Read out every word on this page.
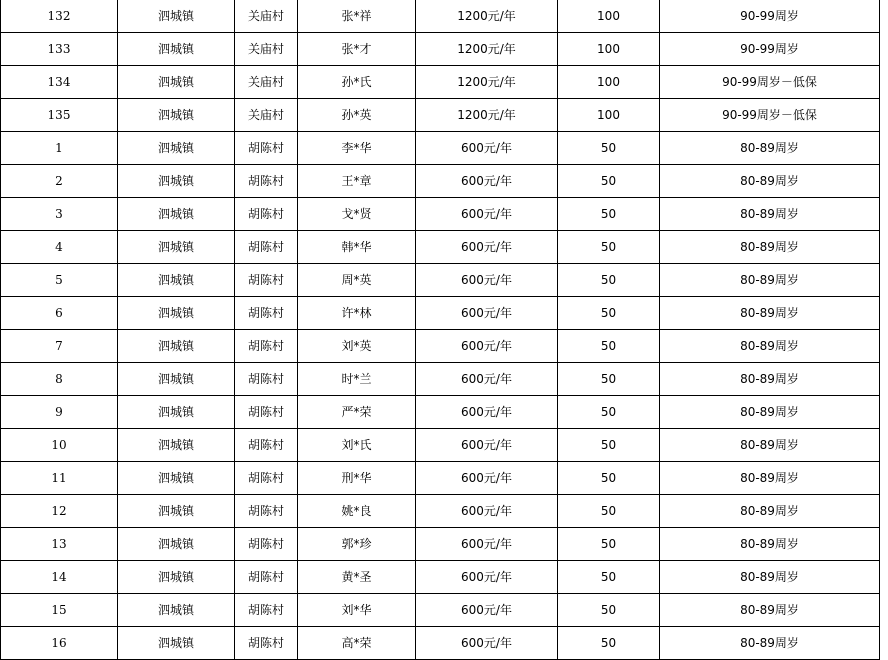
132	泗城镇	关庙村	张*祥	1200元/年	100	90-99周岁
133	泗城镇	关庙村	张*才	1200元/年	100	90-99周岁
134	泗城镇	关庙村	孙*氏	1200元/年	100	90-99周岁－低保
135	泗城镇	关庙村	孙*英	1200元/年	100	90-99周岁－低保
1	泗城镇	胡陈村	李*华	600元/年	50	80-89周岁
2	泗城镇	胡陈村	王*章	600元/年	50	80-89周岁
3	泗城镇	胡陈村	戈*贤	600元/年	50	80-89周岁
4	泗城镇	胡陈村	韩*华	600元/年	50	80-89周岁
5	泗城镇	胡陈村	周*英	600元/年	50	80-89周岁
6	泗城镇	胡陈村	许*林	600元/年	50	80-89周岁
7	泗城镇	胡陈村	刘*英	600元/年	50	80-89周岁
8	泗城镇	胡陈村	时*兰	600元/年	50	80-89周岁
9	泗城镇	胡陈村	严*荣	600元/年	50	80-89周岁
10	泗城镇	胡陈村	刘*氏	600元/年	50	80-89周岁
11	泗城镇	胡陈村	刑*华	600元/年	50	80-89周岁
12	泗城镇	胡陈村	姚*良	600元/年	50	80-89周岁
13	泗城镇	胡陈村	郭*珍	600元/年	50	80-89周岁
14	泗城镇	胡陈村	黄*圣	600元/年	50	80-89周岁
15	泗城镇	胡陈村	刘*华	600元/年	50	80-89周岁
16	泗城镇	胡陈村	高*荣	600元/年	50	80-89周岁
